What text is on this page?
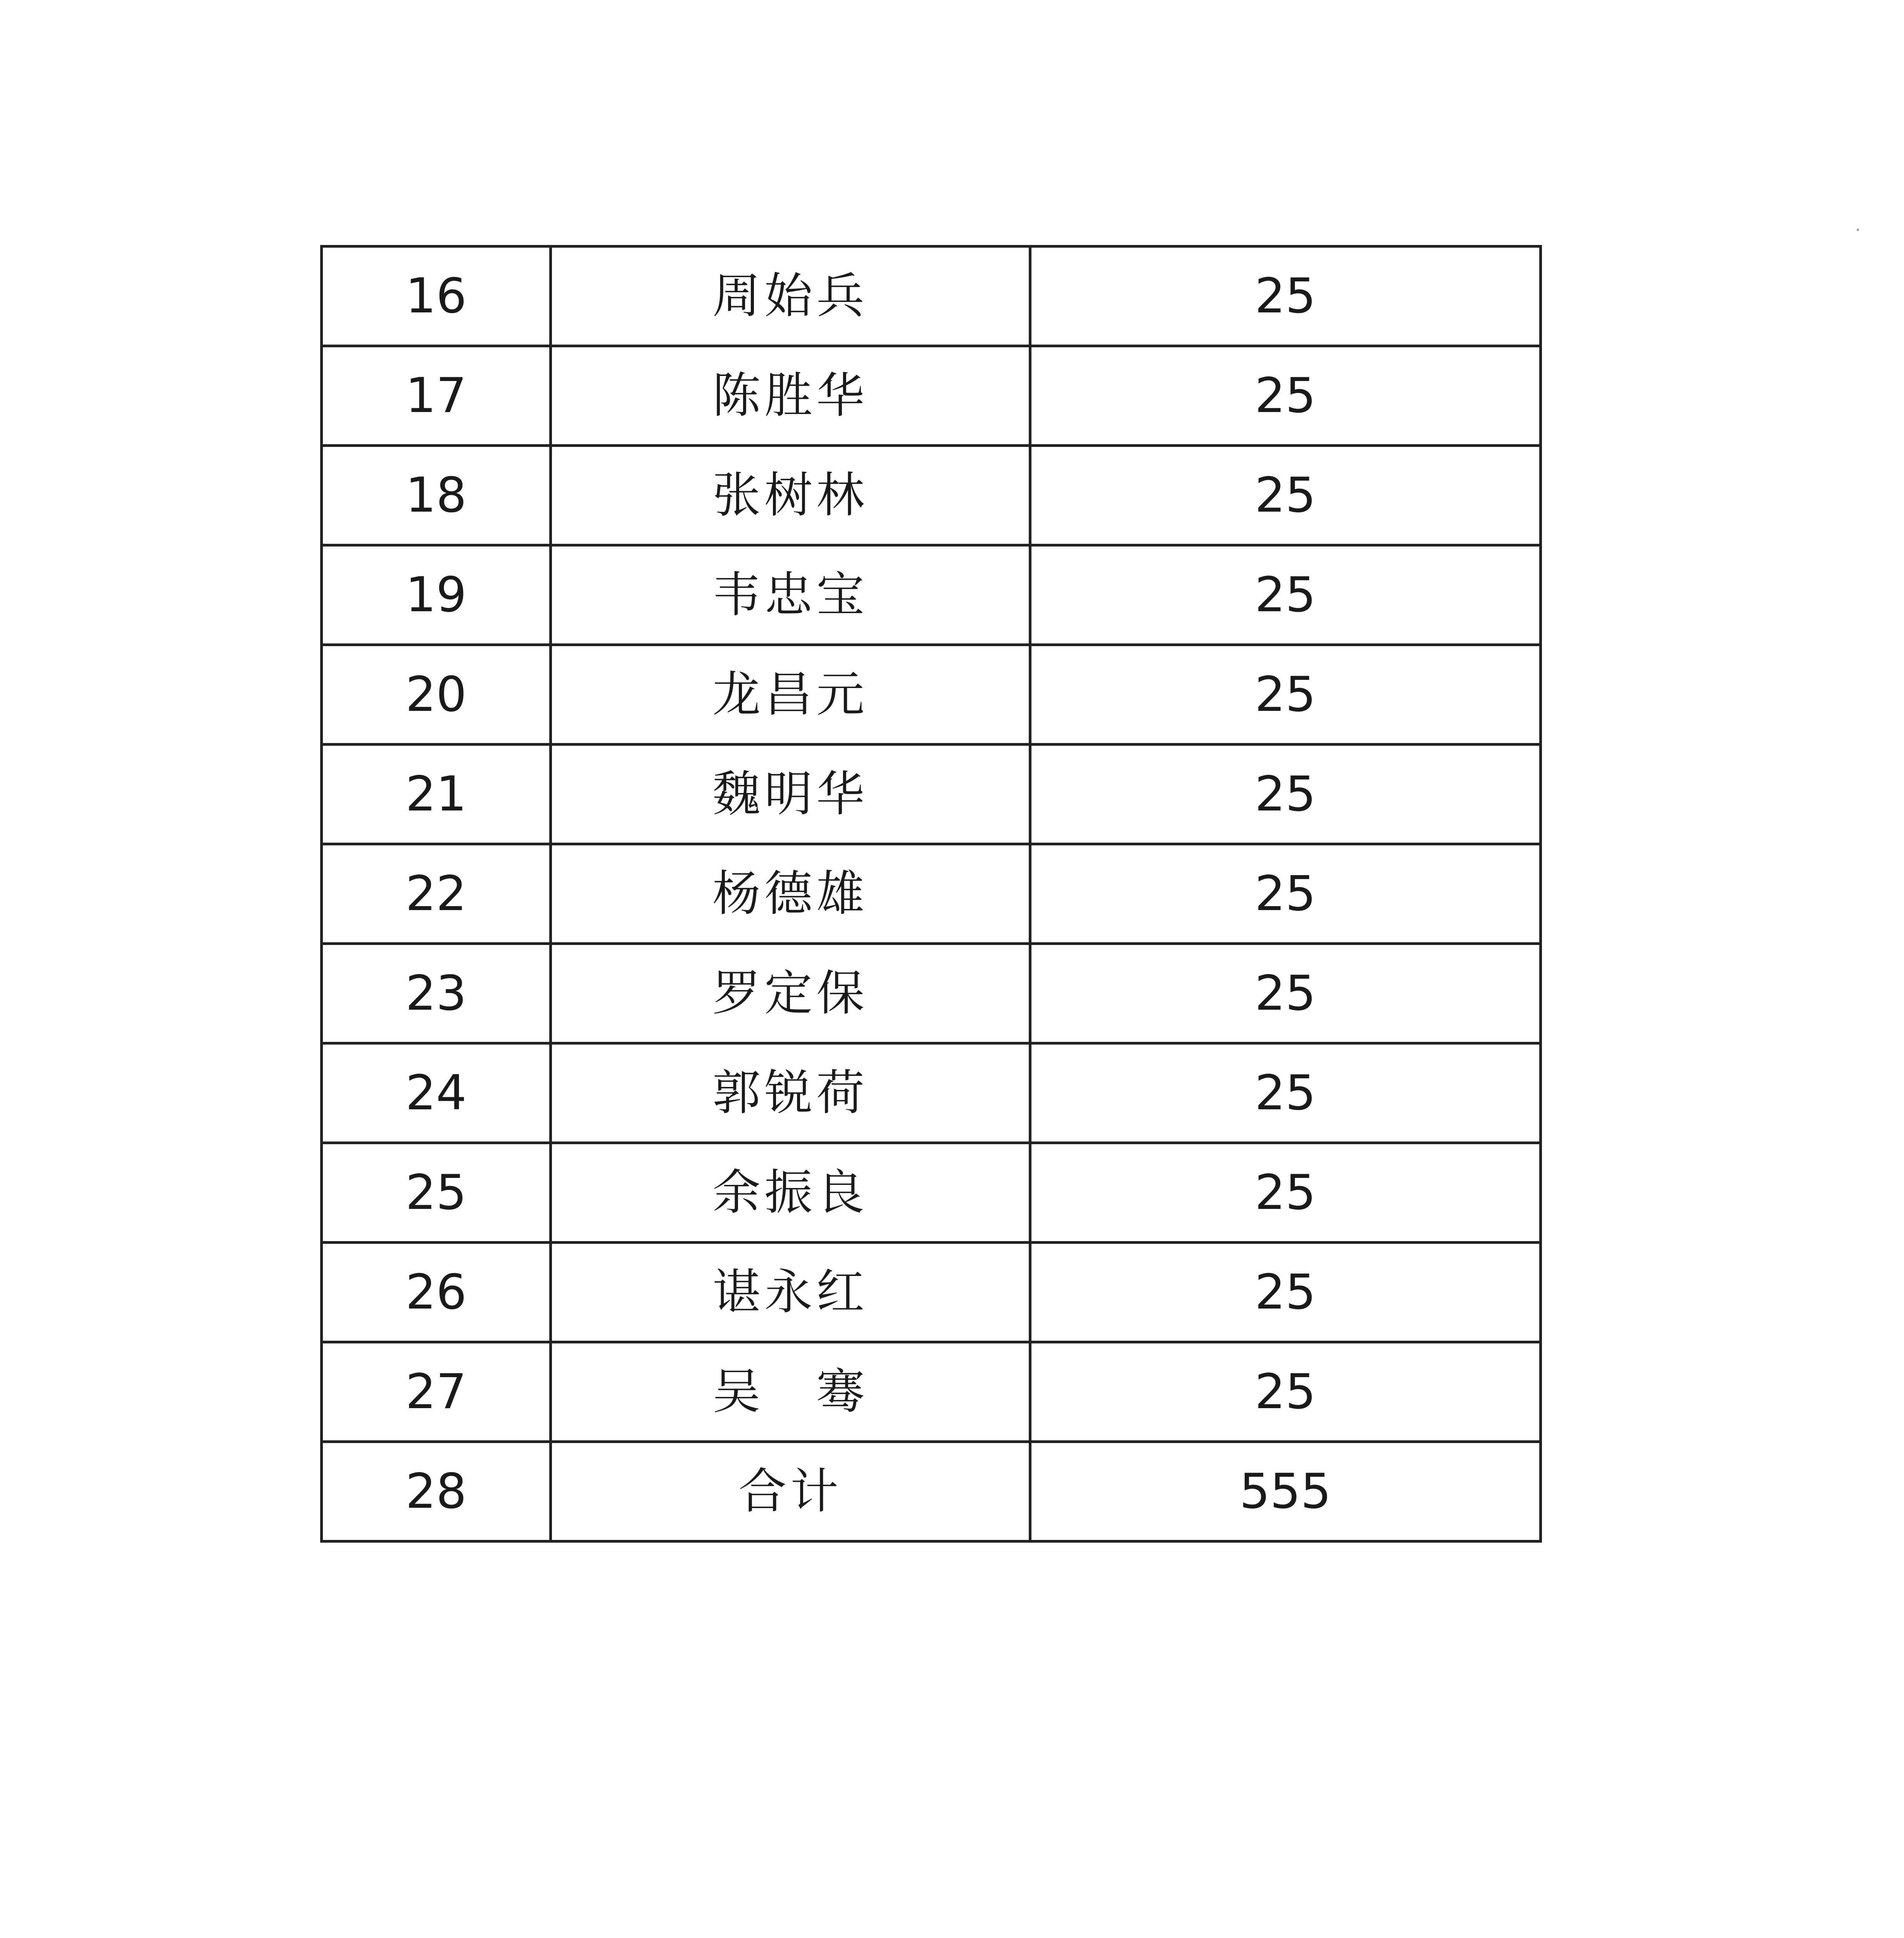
16	周始兵	25
17	陈胜华	25
18	张树林	25
19	韦忠宝	25
20	龙昌元	25
21	魏明华	25
22	杨德雄	25
23	罗定保	25
24	郭锐荷	25
25	余振良	25
26	谌永红	25
27	吴　骞	25
28	合计	555
